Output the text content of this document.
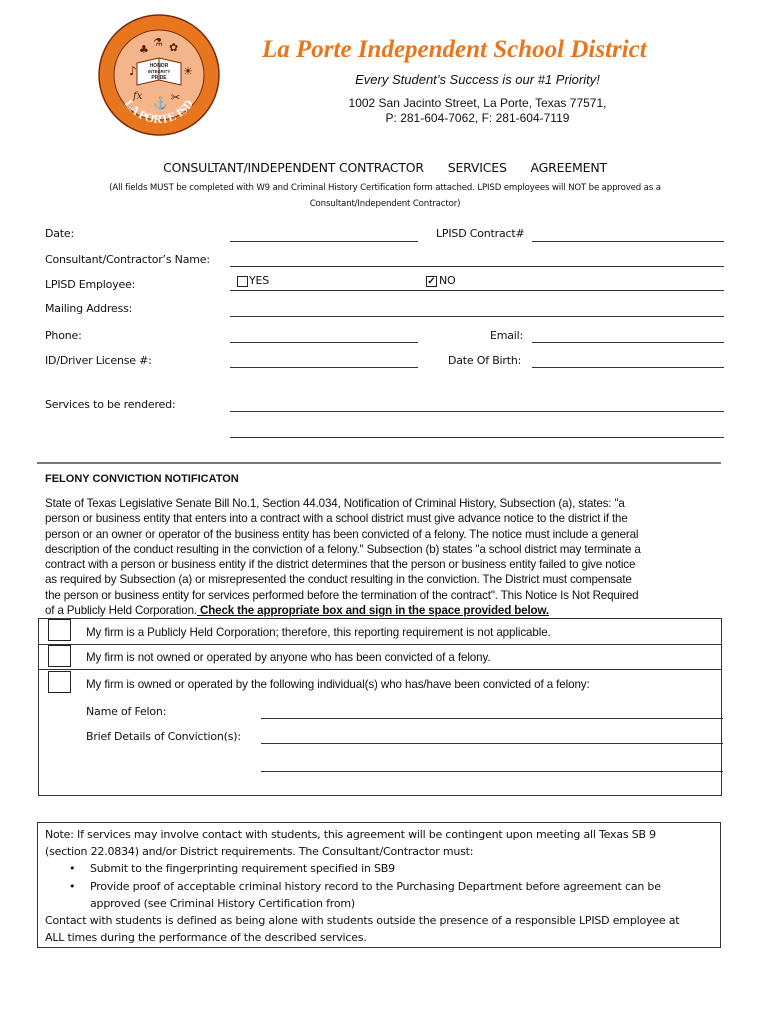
LA PORTE ISD
HONOR
INTEGRITY
PRIDE
♣
⚗ ✿
♪	☀
fx ⚓ ✂
La Porte Independent School District
Every Student’s Success is our #1 Priority!
1002 San Jacinto Street, La Porte, Texas 77571,
P: 281-604-7062, F: 281-604-7119
CONSULTANT/INDEPENDENT CONTRACTOR SERVICES AGREEMENT
(All fields MUST be completed with W9 and Criminal History Certification form attached. LPISD employees will NOT be approved as a
Consultant/Independent Contractor)
Date:	LPISD Contract#
Consultant/Contractor’s Name:
LPISD Employee:	YES	✓ NO
Mailing Address:
Phone:	Email:
ID/Driver License #:	Date Of Birth:
Services to be rendered:
FELONY CONVICTION NOTIFICATON
State of Texas Legislative Senate Bill No.1, Section 44.034, Notification of Criminal History, Subsection (a), states: "a
person or business entity that enters into a contract with a school district must give advance notice to the district if the
person or an owner or operator of the business entity has been convicted of a felony. The notice must include a general
description of the conduct resulting in the conviction of a felony." Subsection (b) states "a school district may terminate a
contract with a person or business entity if the district determines that the person or business entity failed to give notice
as required by Subsection (a) or misrepresented the conduct resulting in the conviction. The District must compensate
the person or business entity for services performed before the termination of the contract". This Notice Is Not Required
of a Publicly Held Corporation. Check the appropriate box and sign in the space provided below.
My firm is a Publicly Held Corporation; therefore, this reporting requirement is not applicable.
My firm is not owned or operated by anyone who has been convicted of a felony.
My firm is owned or operated by the following individual(s) who has/have been convicted of a felony:
Name of Felon:
Brief Details of Conviction(s):
Note: If services may involve contact with students, this agreement will be contingent upon meeting all Texas SB 9
(section 22.0834) and/or District requirements. The Consultant/Contractor must:
• Submit to the fingerprinting requirement specified in SB9
• Provide proof of acceptable criminal history record to the Purchasing Department before agreement can be
approved (see Criminal History Certification from)
Contact with students is defined as being alone with students outside the presence of a responsible LPISD employee at
ALL times during the performance of the described services.
